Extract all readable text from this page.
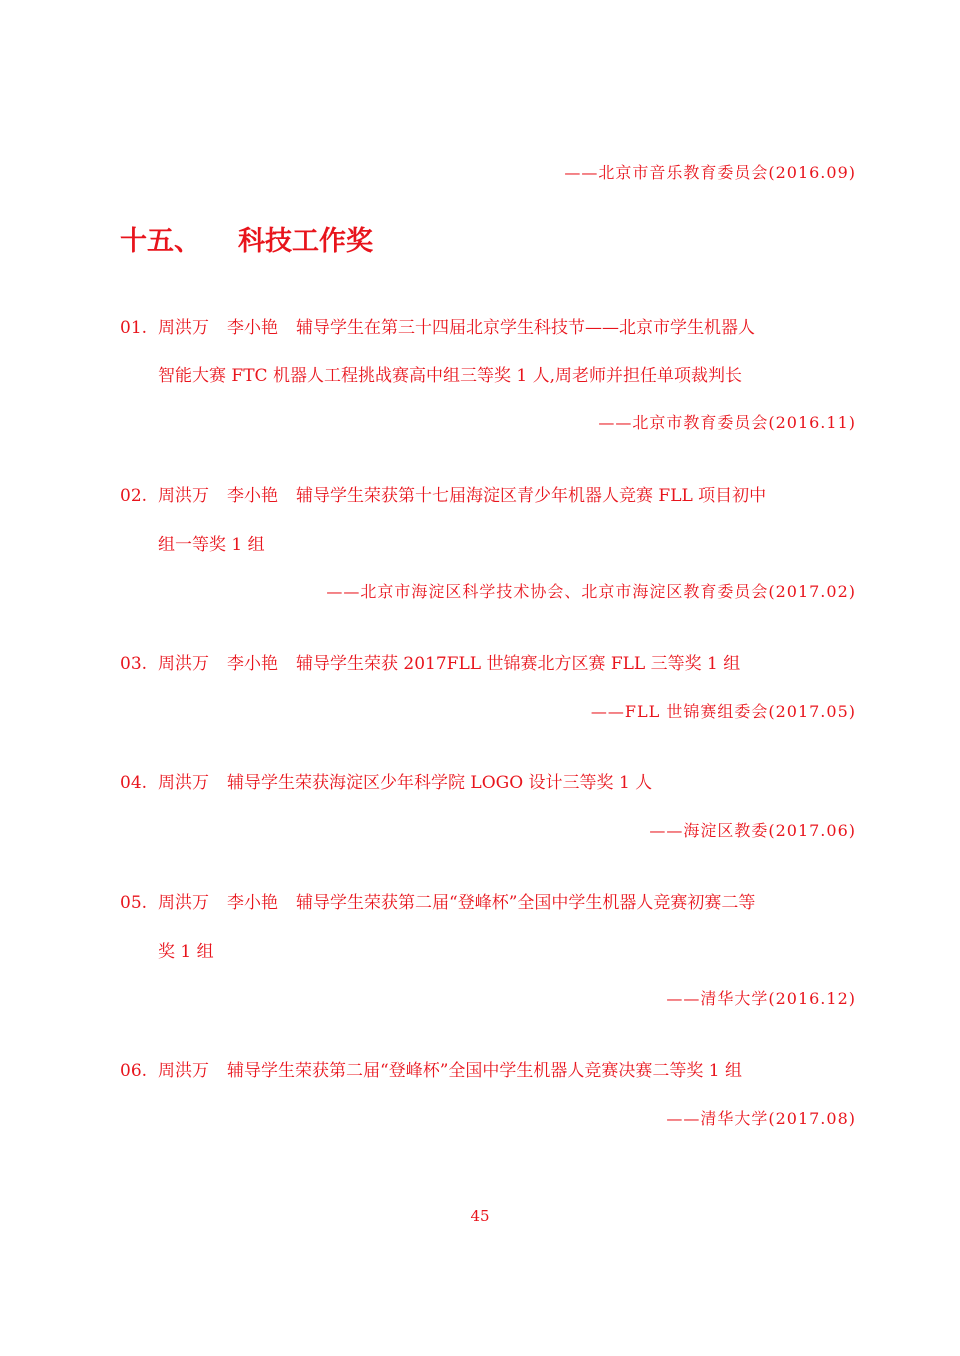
——北京市音乐教育委员会(2016.09)
十五、 科技工作奖
01. 周洪万 李小艳 辅导学生在第三十四届北京学生科技节——北京市学生机器人
智能大赛 FTC 机器人工程挑战赛高中组三等奖 1 人,周老师并担任单项裁判长
——北京市教育委员会(2016.11)
02. 周洪万 李小艳 辅导学生荣获第十七届海淀区青少年机器人竞赛 FLL 项目初中
组一等奖 1 组
——北京市海淀区科学技术协会、北京市海淀区教育委员会(2017.02)
03. 周洪万 李小艳 辅导学生荣获 2017FLL 世锦赛北方区赛 FLL 三等奖 1 组
——FLL 世锦赛组委会(2017.05)
04. 周洪万 辅导学生荣获海淀区少年科学院 LOGO 设计三等奖 1 人
——海淀区教委(2017.06)
05. 周洪万 李小艳 辅导学生荣获第二届“登峰杯”全国中学生机器人竞赛初赛二等
奖 1 组
——清华大学(2016.12)
06. 周洪万 辅导学生荣获第二届“登峰杯”全国中学生机器人竞赛决赛二等奖 1 组
——清华大学(2017.08)
45
